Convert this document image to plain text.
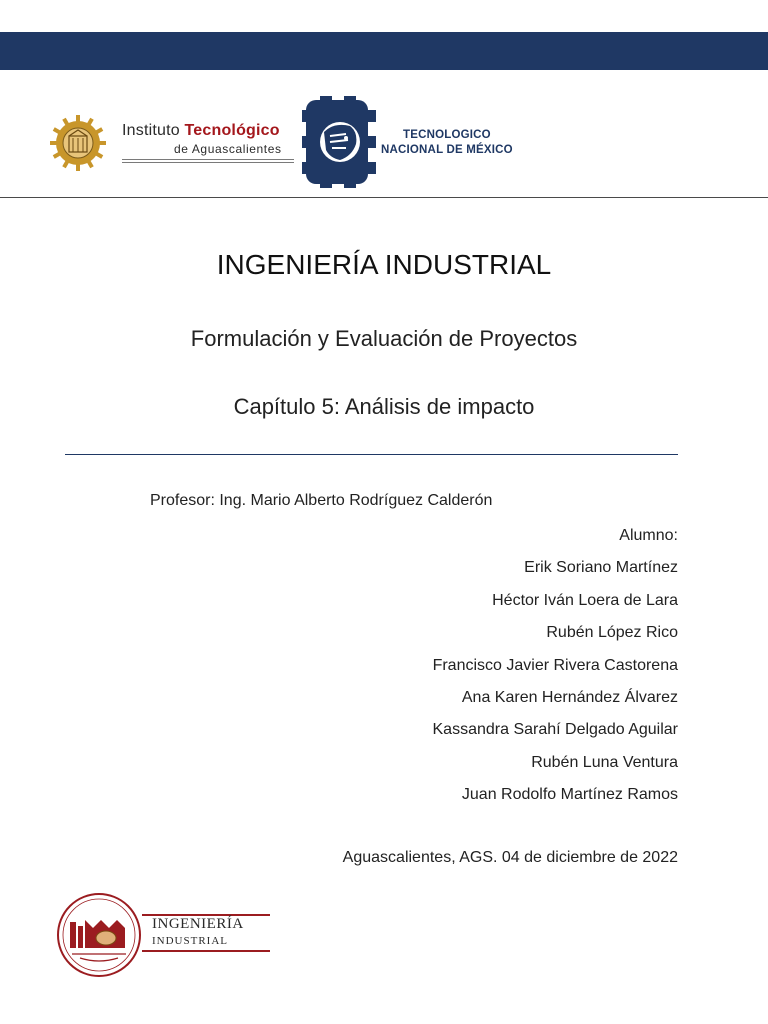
Instituto Tecnológico
de Aguascalientes
TECNOLOGICO
NACIONAL DE MÉXICO
INGENIERÍA INDUSTRIAL
Formulación y Evaluación de Proyectos
Capítulo 5: Análisis de impacto
Profesor: Ing. Mario Alberto Rodríguez Calderón
Alumno:
Erik Soriano Martínez
Héctor Iván Loera de Lara
Rubén López Rico
Francisco Javier Rivera Castorena
Ana Karen Hernández Álvarez
Kassandra Sarahí Delgado Aguilar
Rubén Luna Ventura
Juan Rodolfo Martínez Ramos
Aguascalientes, AGS. 04 de diciembre de 2022
INGENIERÍA
INDUSTRIAL
